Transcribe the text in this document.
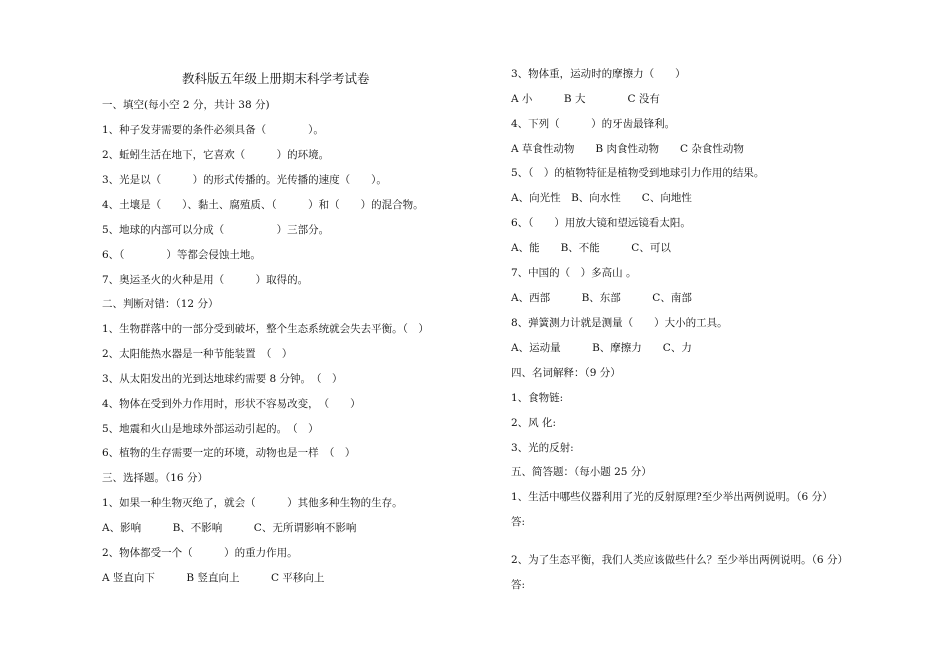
教科版五年级上册期末科学考试卷
一、填空(每小空 2 分，共计 38 分)
1、种子发芽需要的条件必须具备（　　　　）。
2、蚯蚓生活在地下，它喜欢（　　　）的环境。
3、光是以（　　　）的形式传播的。光传播的速度（　　）。
4、土壤是（　　）、黏土、腐殖质、（　　　）和（　　）的混合物。
5、地球的内部可以分成（　　　　　）三部分。
6、（　　　　）等都会侵蚀土地。
7、奥运圣火的火种是用（　　　）取得的。
二、判断对错：（12 分）
1、生物群落中的一部分受到破坏，整个生态系统就会失去平衡。（　）
2、太阳能热水器是一种节能装置　（　）
3、从太阳发出的光到达地球约需要 8 分钟。　（　）
4、物体在受到外力作用时，形状不容易改变，　（　　）
5、地震和火山是地球外部运动引起的。　（　）
6、植物的生存需要一定的环境，动物也是一样　（　）
三、选择题。（16 分）
1、如果一种生物灭绝了，就会（　　　）其他多种生物的生存。
A、影响　　　B、不影响　　　C、无所谓影响不影响
2、物体都受一个（　　　）的重力作用。
A 竖直向下　　　B 竖直向上　　　C 平移向上
3、物体重，运动时的摩擦力（　　）
A 小　　　B 大　　　　C 没有
4、下列（　　　）的牙齿最锋利。
A 草食性动物　　B 肉食性动物　　C 杂食性动物
5、（　）的植物特征是植物受到地球引力作用的结果。
A、向光性　B、向水性　　C、向地性
6、（　　）用放大镜和望远镜看太阳。
A、能　　B、不能　　　C、可以
7、中国的（　）多高山 。
A、西部　　　B、东部　　　C、南部
8、弹簧测力计就是测量（　　）大小的工具。
A、运动量　　　B、摩擦力　　C、力
四、名词解释：（9 分）
1、食物链:
2、风 化:
3、光的反射:
五、简答题：（每小题 25 分）
1、生活中哪些仪器利用了光的反射原理?至少举出两例说明。（6 分）
答:
2、为了生态平衡，我们人类应该做些什么？至少举出两例说明。（6 分）
答:
